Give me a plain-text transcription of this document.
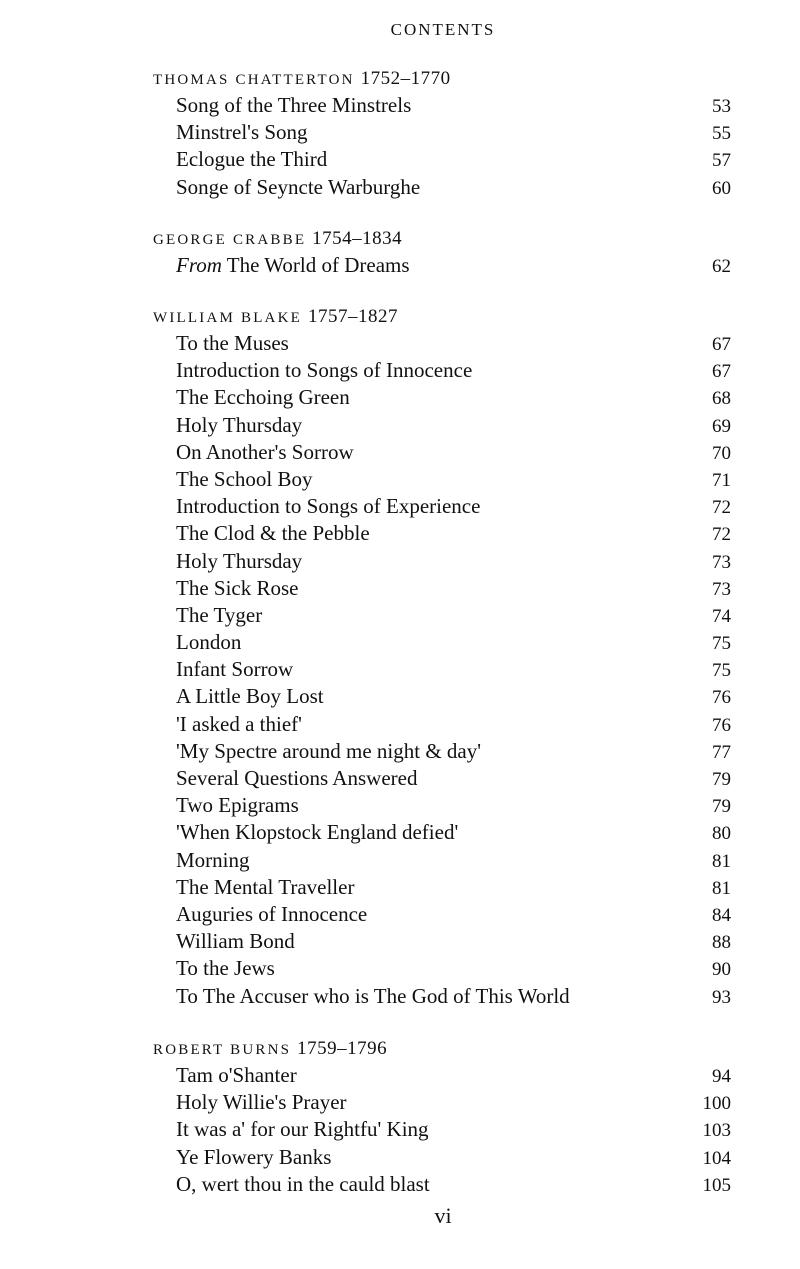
CONTENTS
THOMAS CHATTERTON 1752–1770
Song of the Three Minstrels	53
Minstrel's Song	55
Eclogue the Third	57
Songe of Seyncte Warburghe	60
GEORGE CRABBE 1754–1834
From The World of Dreams	62
WILLIAM BLAKE 1757–1827
To the Muses	67
Introduction to Songs of Innocence	67
The Ecchoing Green	68
Holy Thursday	69
On Another's Sorrow	70
The School Boy	71
Introduction to Songs of Experience	72
The Clod & the Pebble	72
Holy Thursday	73
The Sick Rose	73
The Tyger	74
London	75
Infant Sorrow	75
A Little Boy Lost	76
'I asked a thief'	76
'My Spectre around me night & day'	77
Several Questions Answered	79
Two Epigrams	79
'When Klopstock England defied'	80
Morning	81
The Mental Traveller	81
Auguries of Innocence	84
William Bond	88
To the Jews	90
To The Accuser who is The God of This World	93
ROBERT BURNS 1759–1796
Tam o'Shanter	94
Holy Willie's Prayer	100
It was a' for our Rightfu' King	103
Ye Flowery Banks	104
O, wert thou in the cauld blast	105
vi
